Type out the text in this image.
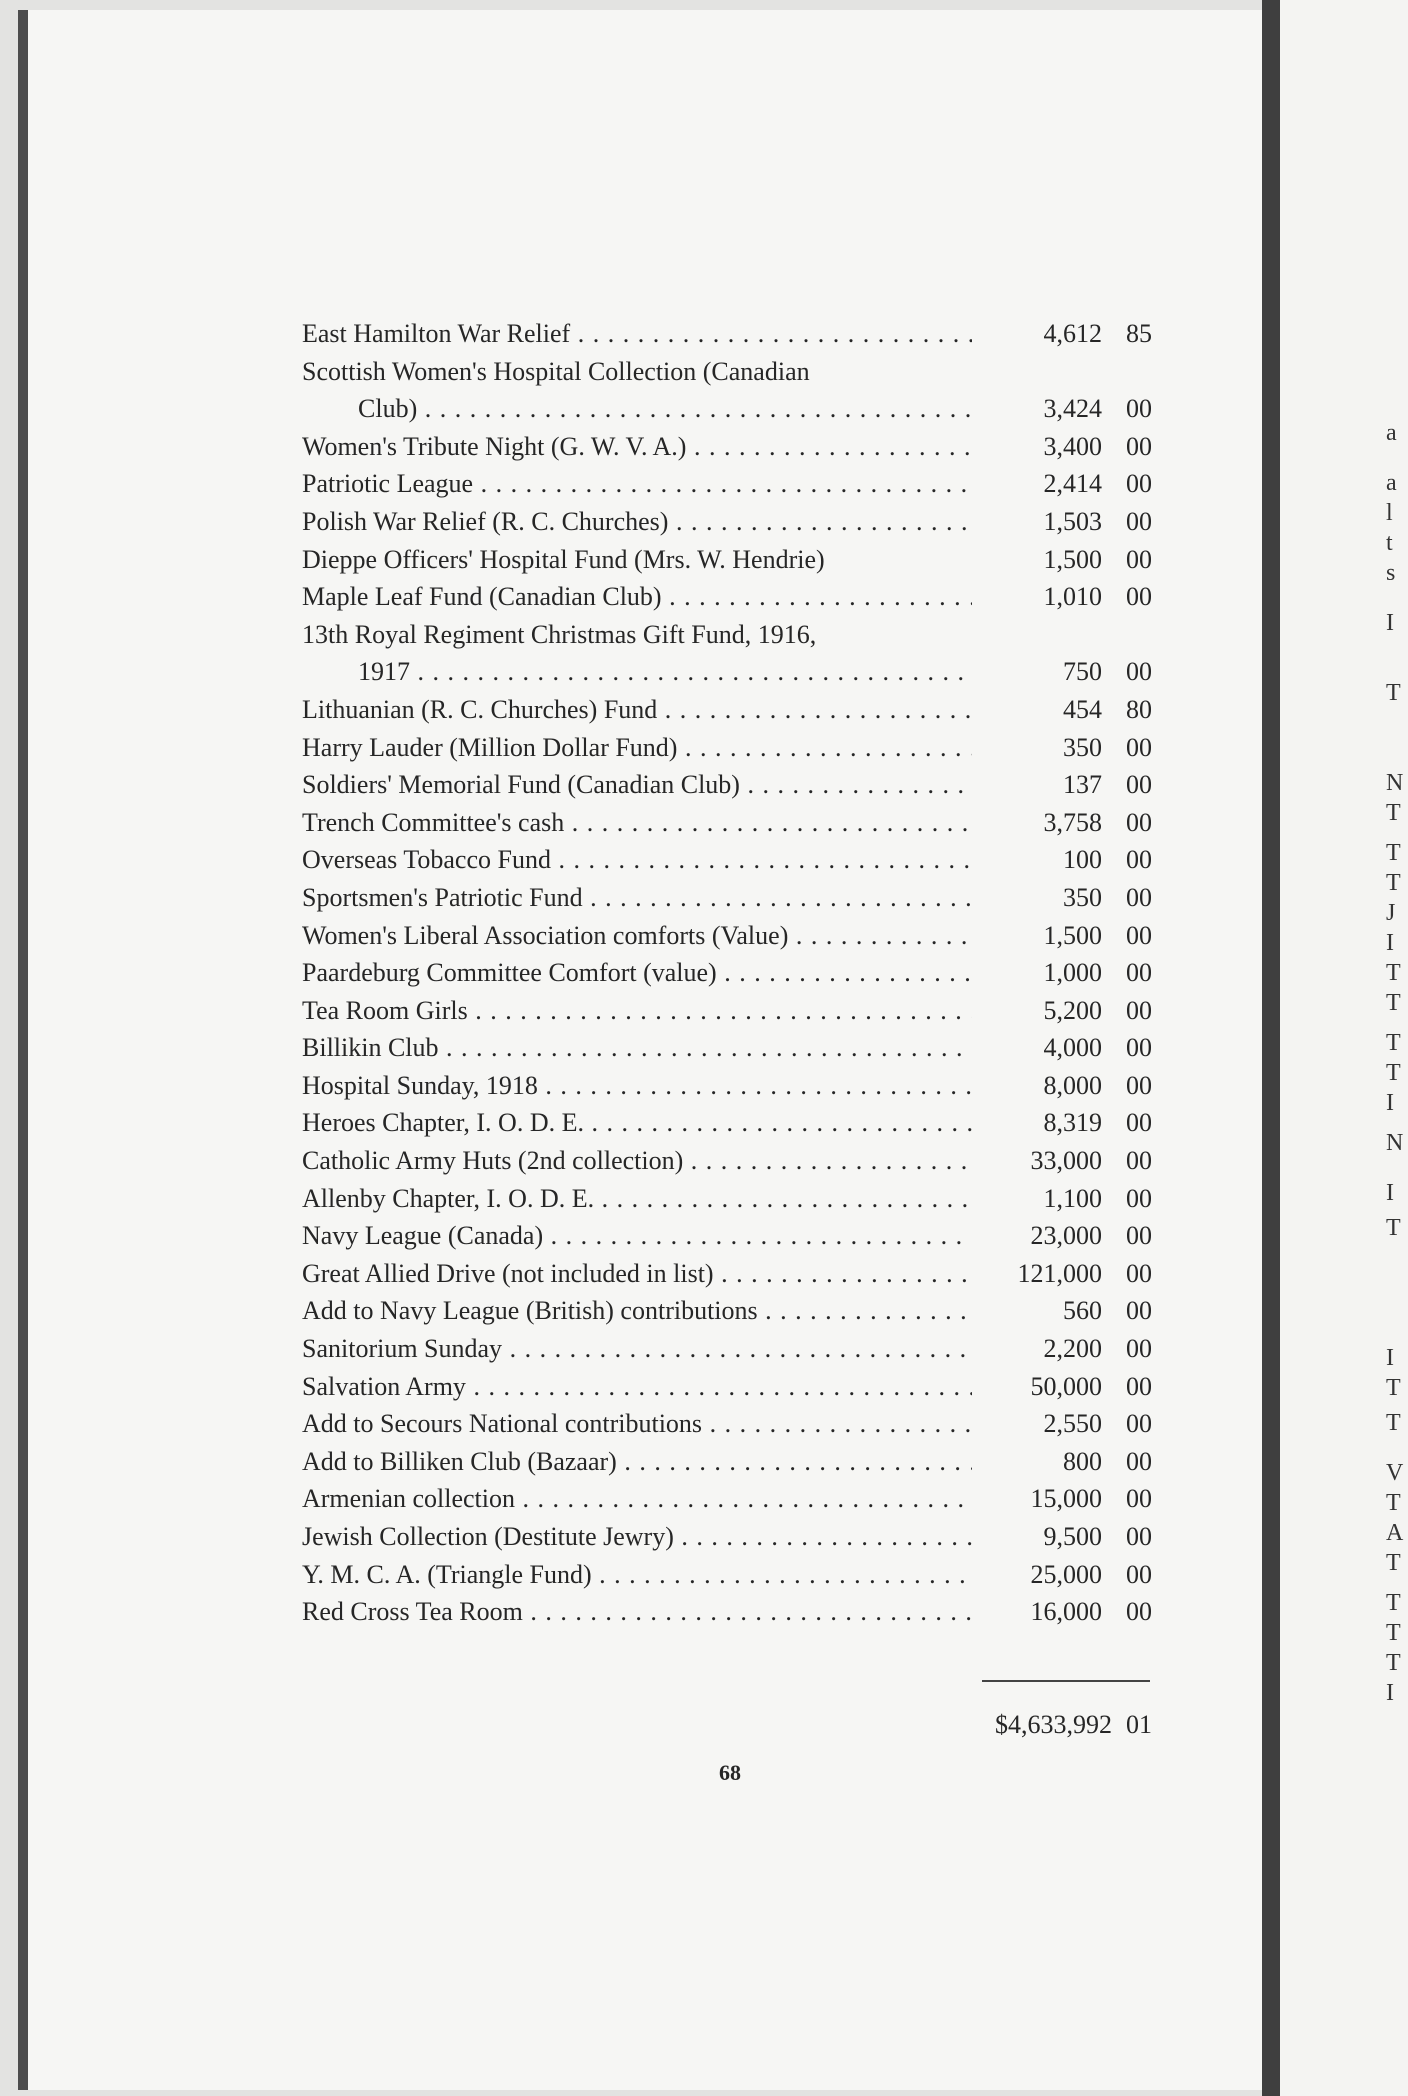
a
a
l
t
s
I
T
N
T
T
T
J
I
T
T
T
T
I
N
I
T
I
T
T
V
T
A
T
T
T
T
I
East Hamilton War Relief . . .	4,612 85
Scottish Women's Hospital Collection (Canadian
Club) . . .	3,424 00
Women's Tribute Night (G. W. V. A.) . . .	3,400 00
Patriotic League . . .	2,414 00
Polish War Relief (R. C. Churches) . . .	1,503 00
Dieppe Officers' Hospital Fund (Mrs. W. Hendrie)	1,500 00
Maple Leaf Fund (Canadian Club) . . .	1,010 00
13th Royal Regiment Christmas Gift Fund, 1916,
1917 . . .	750 00
Lithuanian (R. C. Churches) Fund . . .	454 80
Harry Lauder (Million Dollar Fund) . . .	350 00
Soldiers' Memorial Fund (Canadian Club) . . .	137 00
Trench Committee's cash . . .	3,758 00
Overseas Tobacco Fund . . .	100 00
Sportsmen's Patriotic Fund . . .	350 00
Women's Liberal Association comforts (Value) . . .	1,500 00
Paardeburg Committee Comfort (value) . . .	1,000 00
Tea Room Girls . . .	5,200 00
Billikin Club . . .	4,000 00
Hospital Sunday, 1918 . . .	8,000 00
Heroes Chapter, I. O. D. E. . . .	8,319 00
Catholic Army Huts (2nd collection) . . .	33,000 00
Allenby Chapter, I. O. D. E. . . .	1,100 00
Navy League (Canada) . . .	23,000 00
Great Allied Drive (not included in list) . . .	121,000 00
Add to Navy League (British) contributions . . .	560 00
Sanitorium Sunday . . .	2,200 00
Salvation Army . . .	50,000 00
Add to Secours National contributions . . .	2,550 00
Add to Billiken Club (Bazaar) . . .	800 00
Armenian collection . . .	15,000 00
Jewish Collection (Destitute Jewry) . . .	9,500 00
Y. M. C. A. (Triangle Fund) . . .	25,000 00
Red Cross Tea Room . . .	16,000 00
$4,633,992 01
68
